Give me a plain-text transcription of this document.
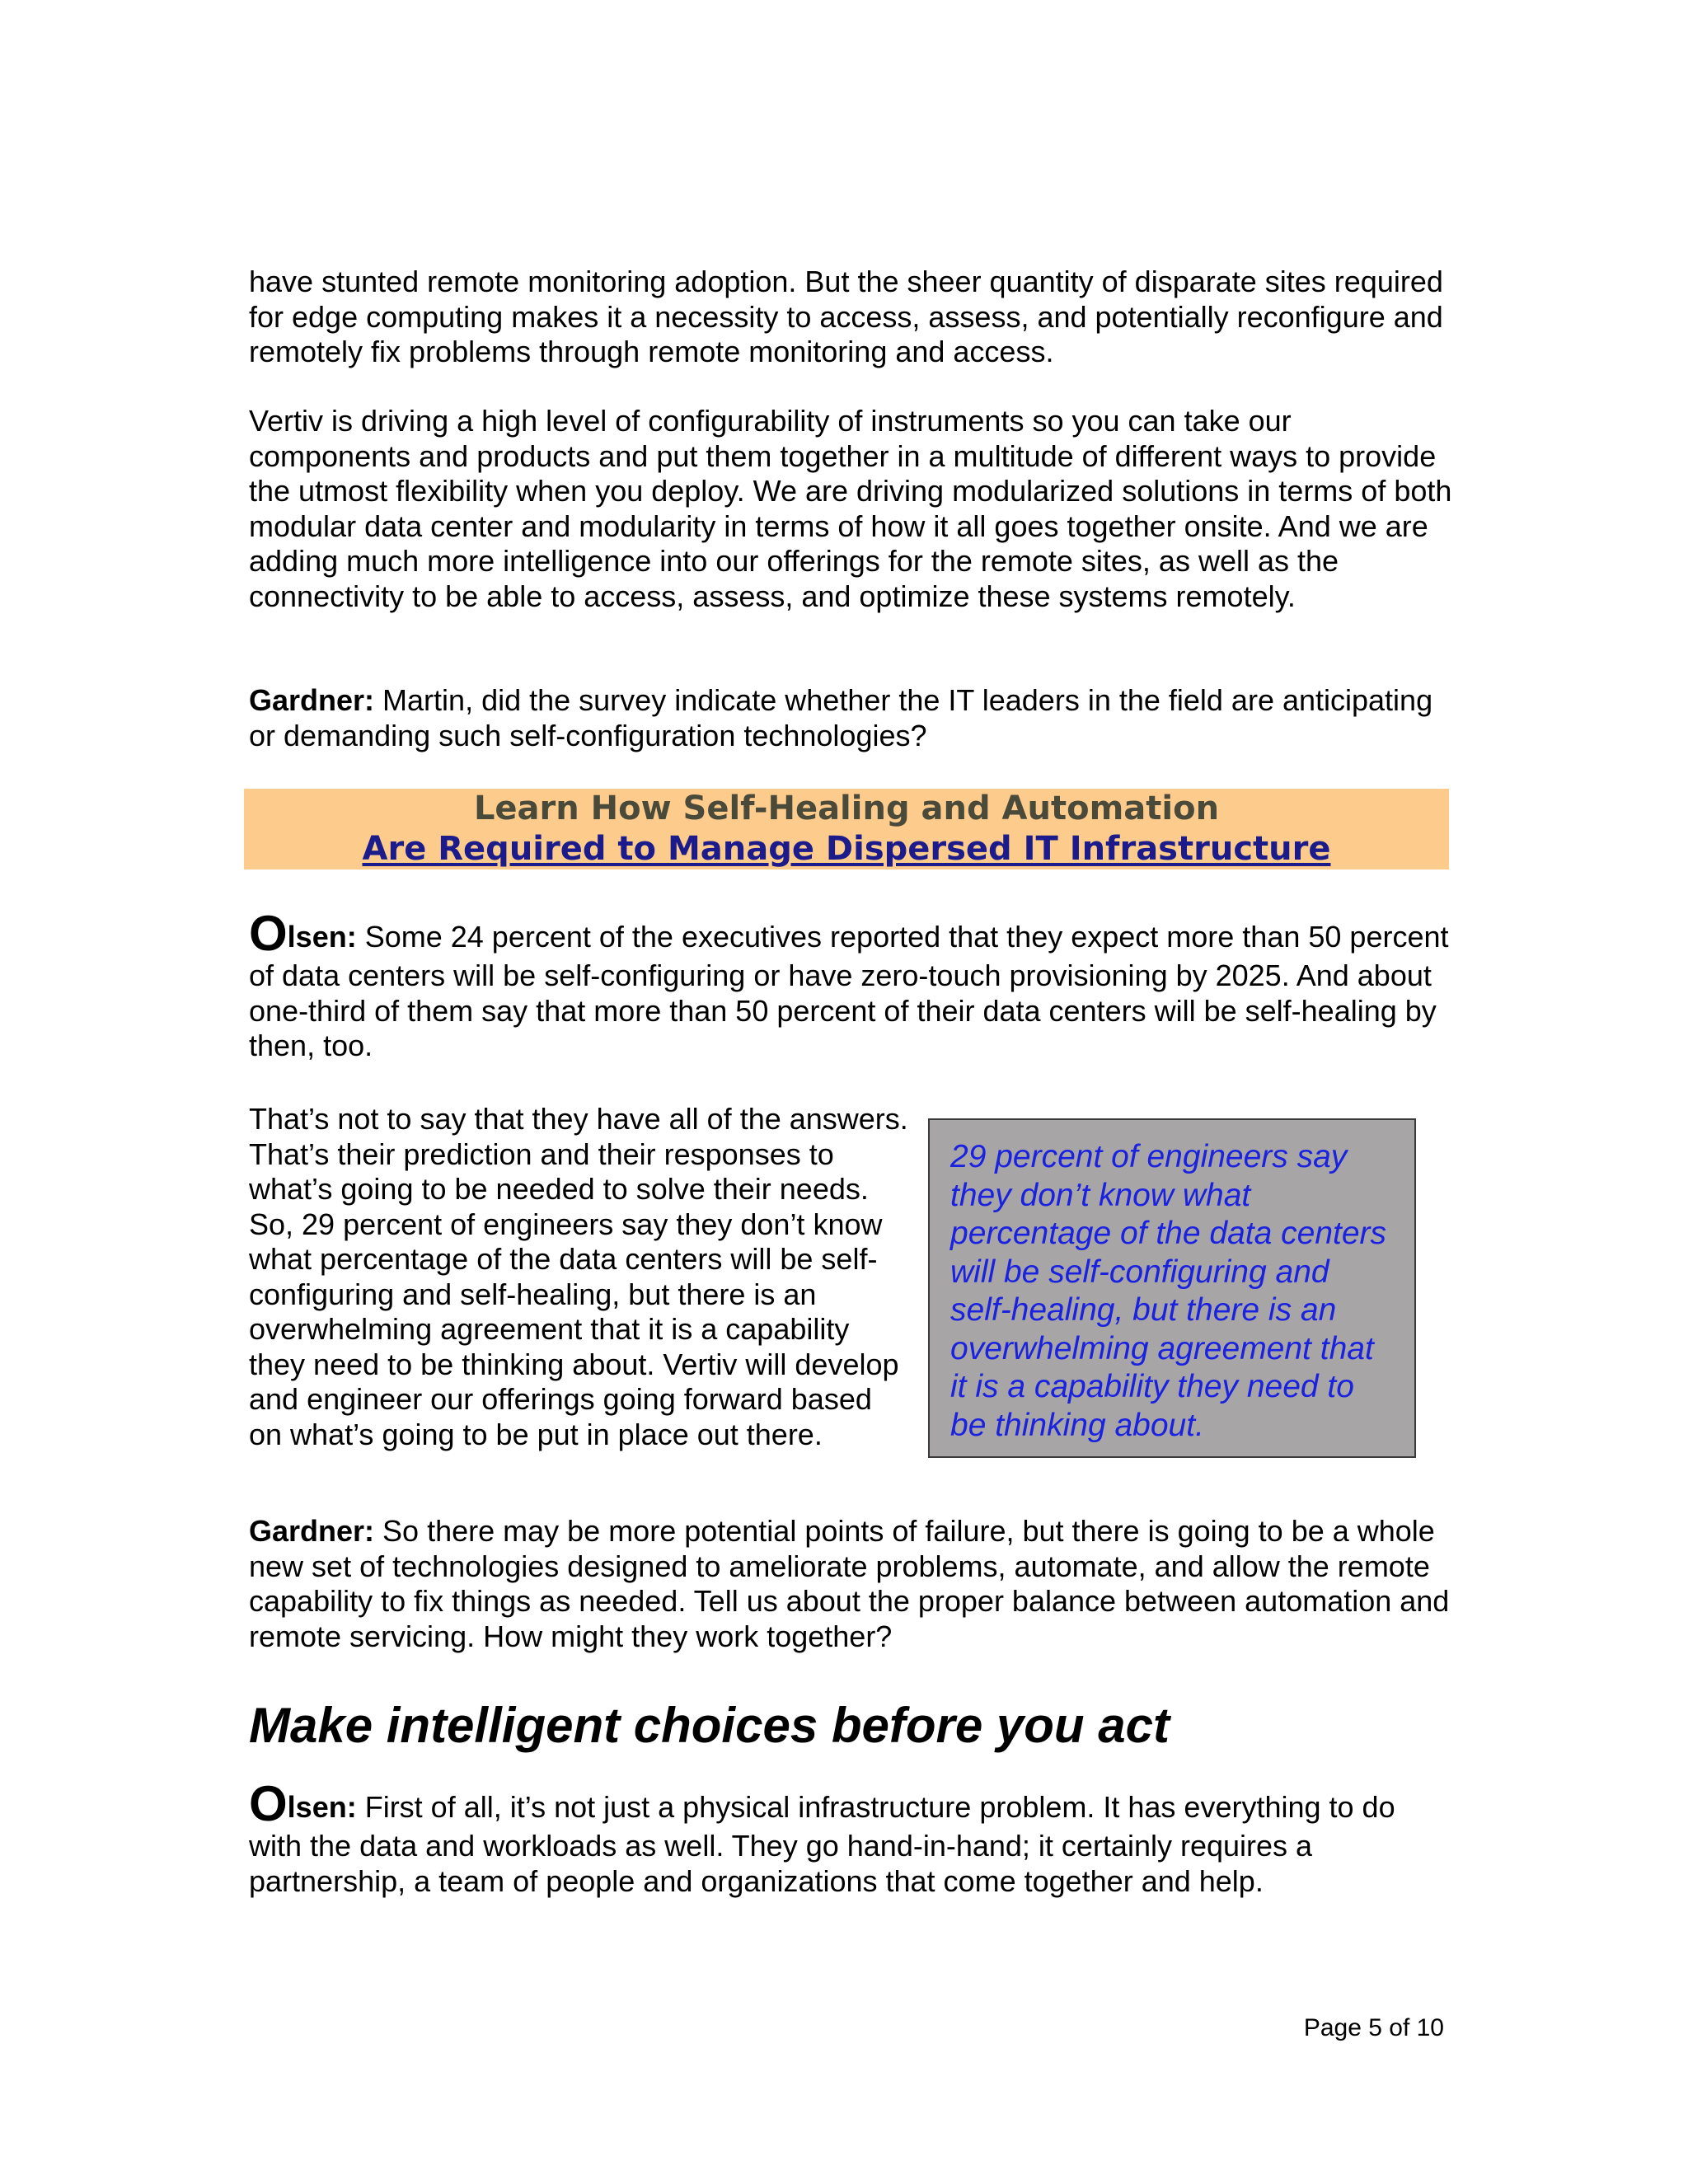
have stunted remote monitoring adoption. But the sheer quantity of disparate sites required for edge computing makes it a necessity to access, assess, and potentially reconfigure and remotely fix problems through remote monitoring and access.

Vertiv is driving a high level of configurability of instruments so you can take our components and products and put them together in a multitude of different ways to provide the utmost flexibility when you deploy. We are driving modularized solutions in terms of both modular data center and modularity in terms of how it all goes together onsite. And we are adding much more intelligence into our offerings for the remote sites, as well as the connectivity to be able to access, assess, and optimize these systems remotely.

Gardner: Martin, did the survey indicate whether the IT leaders in the field are anticipating or demanding such self-configuration technologies?

Learn How Self-Healing and Automation
Are Required to Manage Dispersed IT Infrastructure

Olsen: Some 24 percent of the executives reported that they expect more than 50 percent of data centers will be self-configuring or have zero-touch provisioning by 2025. And about one-third of them say that more than 50 percent of their data centers will be self-healing by then, too.

That’s not to say that they have all of the answers. That’s their prediction and their responses to what’s going to be needed to solve their needs. So, 29 percent of engineers say they don’t know what percentage of the data centers will be self-configuring and self-healing, but there is an overwhelming agreement that it is a capability they need to be thinking about. Vertiv will develop and engineer our offerings going forward based on what’s going to be put in place out there.

29 percent of engineers say they don’t know what percentage of the data centers will be self-configuring and self-healing, but there is an overwhelming agreement that it is a capability they need to be thinking about.

Gardner: So there may be more potential points of failure, but there is going to be a whole new set of technologies designed to ameliorate problems, automate, and allow the remote capability to fix things as needed. Tell us about the proper balance between automation and remote servicing. How might they work together?

Make intelligent choices before you act

Olsen: First of all, it’s not just a physical infrastructure problem. It has everything to do with the data and workloads as well. They go hand-in-hand; it certainly requires a partnership, a team of people and organizations that come together and help.

Page 5 of 10
